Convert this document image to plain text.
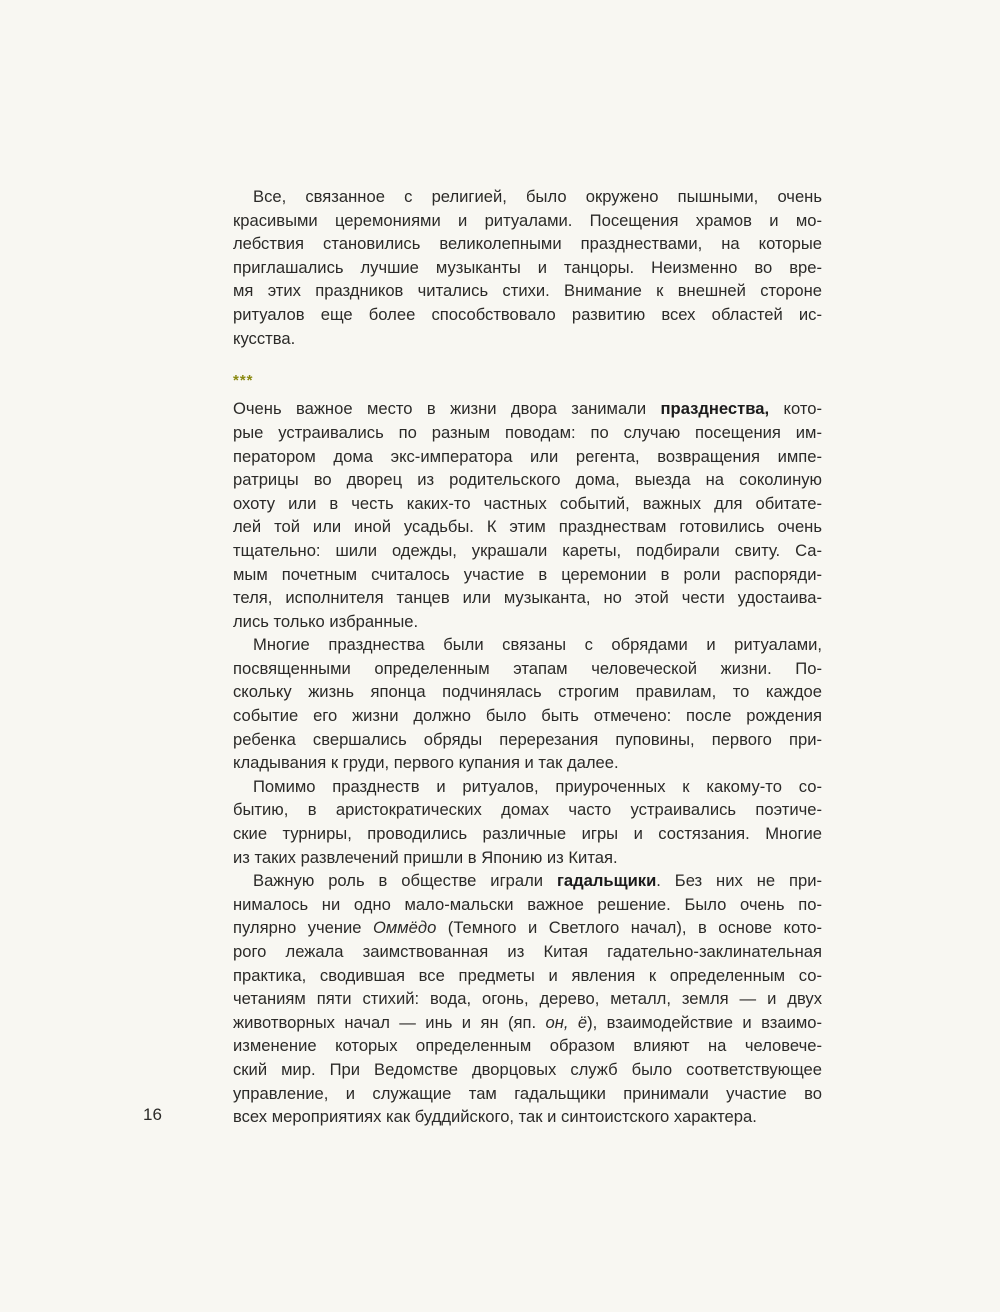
Все, связанное с религией, было окружено пышными, очень
красивыми церемониями и ритуалами. Посещения храмов и мо-
лебствия становились великолепными празднествами, на которые
приглашались лучшие музыканты и танцоры. Неизменно во вре-
мя этих праздников читались стихи. Внимание к внешней стороне
ритуалов еще более способствовало развитию всех областей ис-
кусства.
Очень важное место в жизни двора занимали празднества, кото-
рые устраивались по разным поводам: по случаю посещения им-
ператором дома экс-императора или регента, возвращения импе-
ратрицы во дворец из родительского дома, выезда на соколиную
охоту или в честь каких-то частных событий, важных для обитате-
лей той или иной усадьбы. К этим празднествам готовились очень
тщательно: шили одежды, украшали кареты, подбирали свиту. Са-
мым почетным считалось участие в церемонии в роли распоряди-
теля, исполнителя танцев или музыканта, но этой чести удостаива-
лись только избранные.
Многие празднества были связаны с обрядами и ритуалами,
посвященными определенным этапам человеческой жизни. По-
скольку жизнь японца подчинялась строгим правилам, то каждое
событие его жизни должно было быть отмечено: после рождения
ребенка свершались обряды перерезания пуповины, первого при-
кладывания к груди, первого купания и так далее.
Помимо празднеств и ритуалов, приуроченных к какому-то со-
бытию, в аристократических домах часто устраивались поэтиче-
ские турниры, проводились различные игры и состязания. Многие
из таких развлечений пришли в Японию из Китая.
Важную роль в обществе играли гадальщики. Без них не при-
нималось ни одно мало-мальски важное решение. Было очень по-
пулярно учение Оммёдо (Темного и Светлого начал), в основе кото-
рого лежала заимствованная из Китая гадательно-заклинательная
практика, сводившая все предметы и явления к определенным со-
четаниям пяти стихий: вода, огонь, дерево, металл, земля — и двух
животворных начал — инь и ян (яп. он, ё), взаимодействие и взаимо-
изменение которых определенным образом влияют на человече-
ский мир. При Ведомстве дворцовых служб было соответствующее
управление, и служащие там гадальщики принимали участие во
всех мероприятиях как буддийского, так и синтоистского характера.
***
16
